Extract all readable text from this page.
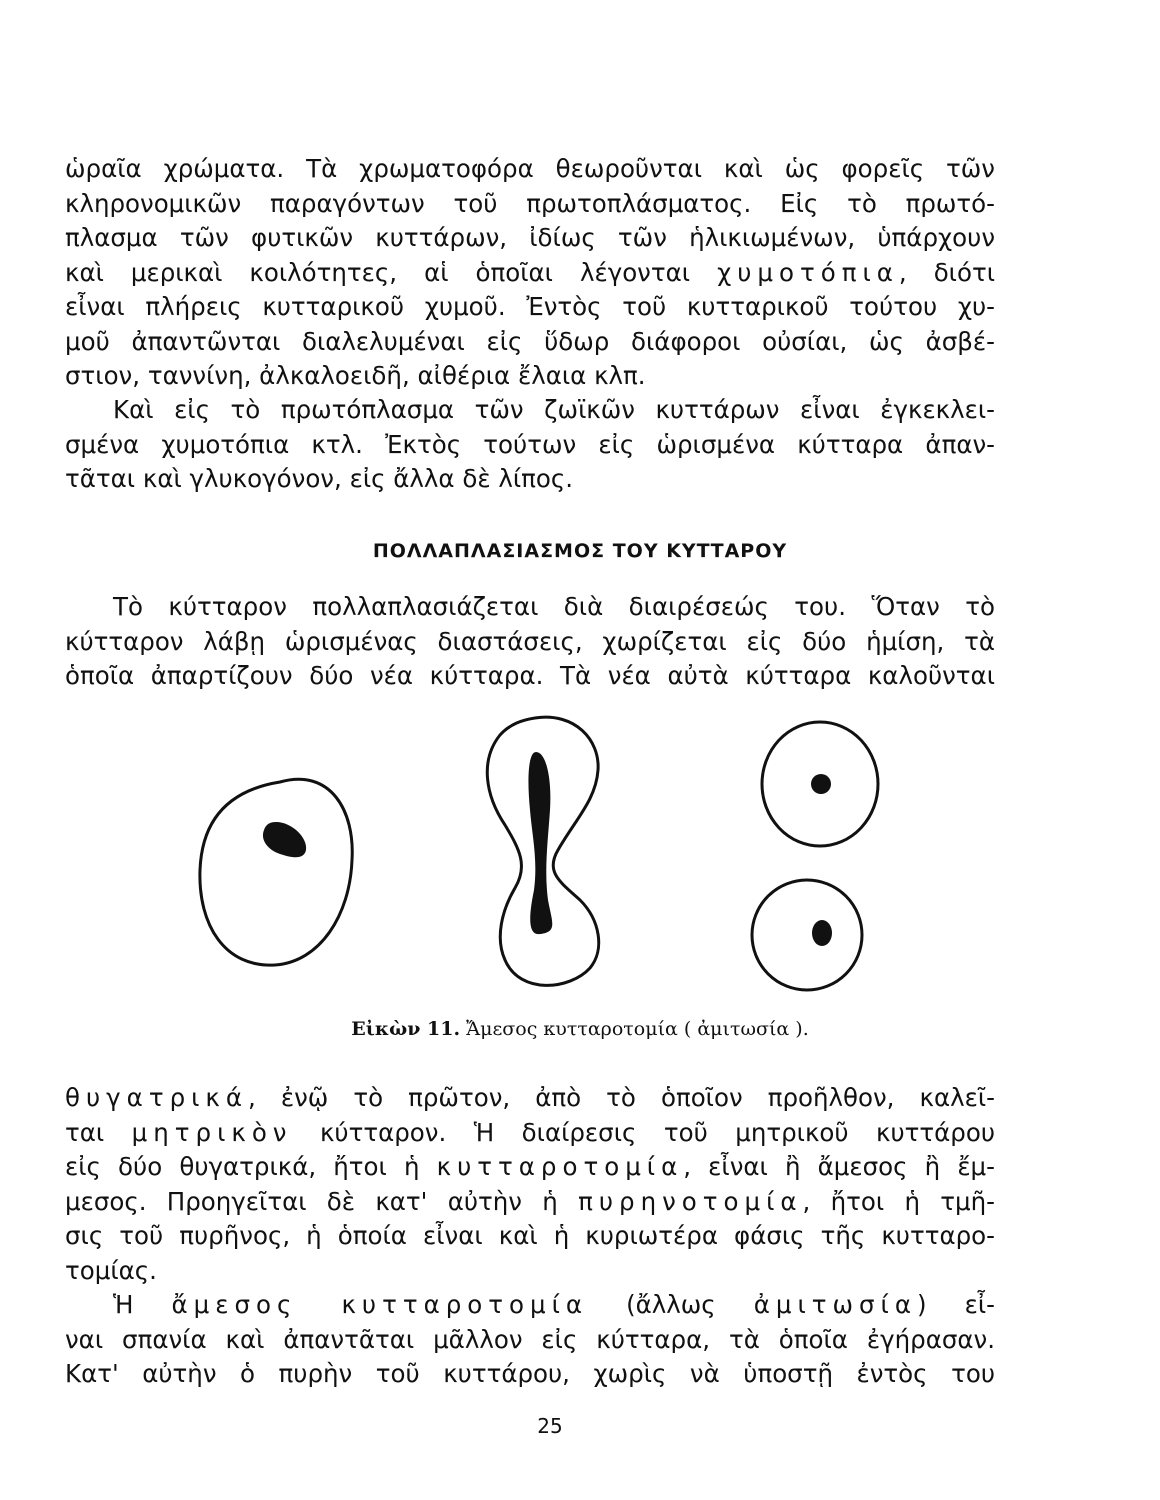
ὡραῖα χρώματα. Τὰ χρωματοφόρα θεωροῦνται καὶ ὡς φορεῖς τῶν
κληρονομικῶν παραγόντων τοῦ πρωτοπλάσματος. Εἰς τὸ πρωτό-
πλασμα τῶν φυτικῶν κυττάρων, ἰδίως τῶν ἡλικιωμένων, ὑπάρχουν
καὶ μερικαὶ κοιλότητες, αἱ ὁποῖαι λέγονται χυμοτόπια, διότι
εἶναι πλήρεις κυτταρικοῦ χυμοῦ. Ἐντὸς τοῦ κυτταρικοῦ τούτου χυ-
μοῦ ἀπαντῶνται διαλελυμέναι εἰς ὕδωρ διάφοροι οὐσίαι, ὡς ἀσβέ-
στιον, ταννίνη, ἀλκαλοειδῆ, αἰθέρια ἔλαια κλπ.

Καὶ εἰς τὸ πρωτόπλασμα τῶν ζωϊκῶν κυττάρων εἶναι ἐγκεκλει-
σμένα χυμοτόπια κτλ. Ἐκτὸς τούτων εἰς ὡρισμένα κύτταρα ἀπαν-
τᾶται καὶ γλυκογόνον, εἰς ἄλλα δὲ λίπος.

ΠΟΛΛΑΠΛΑΣΙΑΣΜΟΣ ΤΟΥ ΚΥΤΤΑΡΟΥ

Τὸ κύτταρον πολλαπλασιάζεται διὰ διαιρέσεώς του. Ὅταν τὸ
κύτταρον λάβῃ ὡρισμένας διαστάσεις, χωρίζεται εἰς δύο ἡμίση, τὰ
ὁποῖα ἀπαρτίζουν δύο νέα κύτταρα. Τὰ νέα αὐτὰ κύτταρα καλοῦνται

Εἰκὼν 11. Ἄμεσος κυτταροτομία ( ἀμιτωσία ).

θυγατρικά, ἐνῷ τὸ πρῶτον, ἀπὸ τὸ ὁποῖον προῆλθον, καλεῖ-
ται μητρικὸν κύτταρον. Ἡ διαίρεσις τοῦ μητρικοῦ κυττάρου
εἰς δύο θυγατρικά, ἤτοι ἡ κυτταροτομία, εἶναι ἢ ἄμεσος ἢ ἔμ-
μεσος. Προηγεῖται δὲ κατ' αὐτὴν ἡ πυρηνοτομία, ἤτοι ἡ τμῆ-
σις τοῦ πυρῆνος, ἡ ὁποία εἶναι καὶ ἡ κυριωτέρα φάσις τῆς κυτταρο-
τομίας.

Ἡ ἄμεσος κυτταροτομία (ἄλλως ἀμιτωσία) εἶ-
ναι σπανία καὶ ἀπαντᾶται μᾶλλον εἰς κύτταρα, τὰ ὁποῖα ἐγήρασαν.
Κατ' αὐτὴν ὁ πυρὴν τοῦ κυττάρου, χωρὶς νὰ ὑποστῇ ἐντὸς του

25
